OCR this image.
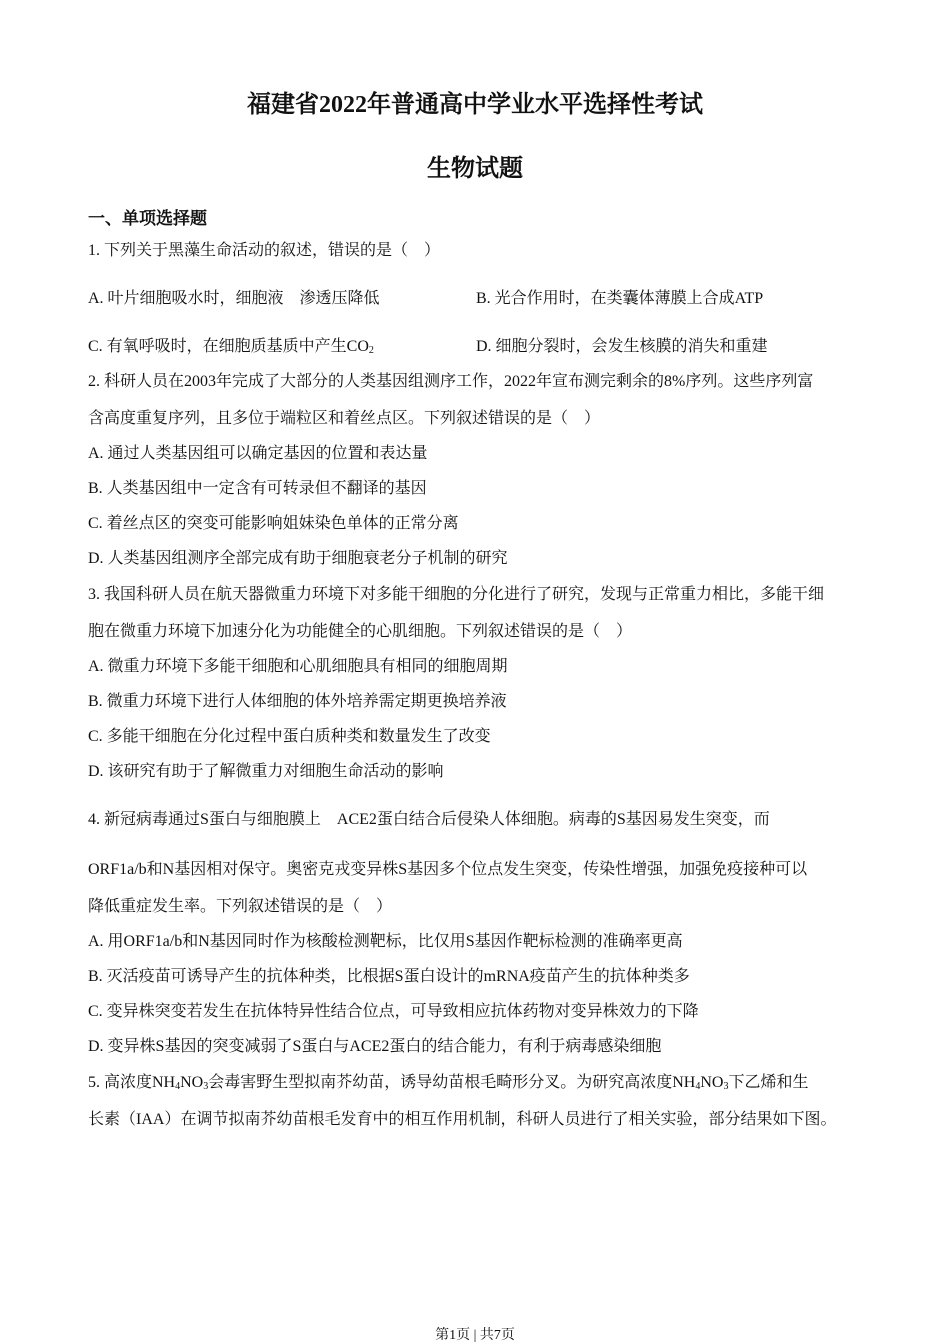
福建省2022年普通高中学业水平选择性考试
生物试题
一、单项选择题
1. 下列关于黑藻生命活动的叙述，错误的是（　）
A. 叶片细胞吸水时，细胞液　渗透压降低	B. 光合作用时，在类囊体薄膜上合成ATP
C. 有氧呼吸时，在细胞质基质中产生$CO_2$	D. 细胞分裂时，会发生核膜的消失和重建
2. 科研人员在2003年完成了大部分的人类基因组测序工作，2022年宣布测完剩余的8%序列。这些序列富
含高度重复序列，且多位于端粒区和着丝点区。下列叙述错误的是（　）
A. 通过人类基因组可以确定基因的位置和表达量
B. 人类基因组中一定含有可转录但不翻译的基因
C. 着丝点区的突变可能影响姐妹染色单体的正常分离
D. 人类基因组测序全部完成有助于细胞衰老分子机制的研究
3. 我国科研人员在航天器微重力环境下对多能干细胞的分化进行了研究，发现与正常重力相比，多能干细
胞在微重力环境下加速分化为功能健全的心肌细胞。下列叙述错误的是（　）
A. 微重力环境下多能干细胞和心肌细胞具有相同的细胞周期
B. 微重力环境下进行人体细胞的体外培养需定期更换培养液
C. 多能干细胞在分化过程中蛋白质种类和数量发生了改变
D. 该研究有助于了解微重力对细胞生命活动的影响
4. 新冠病毒通过S蛋白与细胞膜上　ACE2蛋白结合后侵染人体细胞。病毒的S基因易发生突变，而
ORF1a/b和N基因相对保守。奥密克戎变异株S基因多个位点发生突变，传染性增强，加强免疫接种可以
降低重症发生率。下列叙述错误的是（　）
A. 用ORF1a/b和N基因同时作为核酸检测靶标，比仅用S基因作靶标检测的准确率更高
B. 灭活疫苗可诱导产生的抗体种类，比根据S蛋白设计的mRNA疫苗产生的抗体种类多
C. 变异株突变若发生在抗体特异性结合位点，可导致相应抗体药物对变异株效力的下降
D. 变异株S基因的突变减弱了S蛋白与ACE2蛋白的结合能力，有利于病毒感染细胞
5. 高浓度$NH_4NO_3$会毒害野生型拟南芥幼苗，诱导幼苗根毛畸形分叉。为研究高浓度$NH_4NO_3$下乙烯和生
长素（IAA）在调节拟南芥幼苗根毛发育中的相互作用机制，科研人员进行了相关实验，部分结果如下图。
第1页 | 共7页
